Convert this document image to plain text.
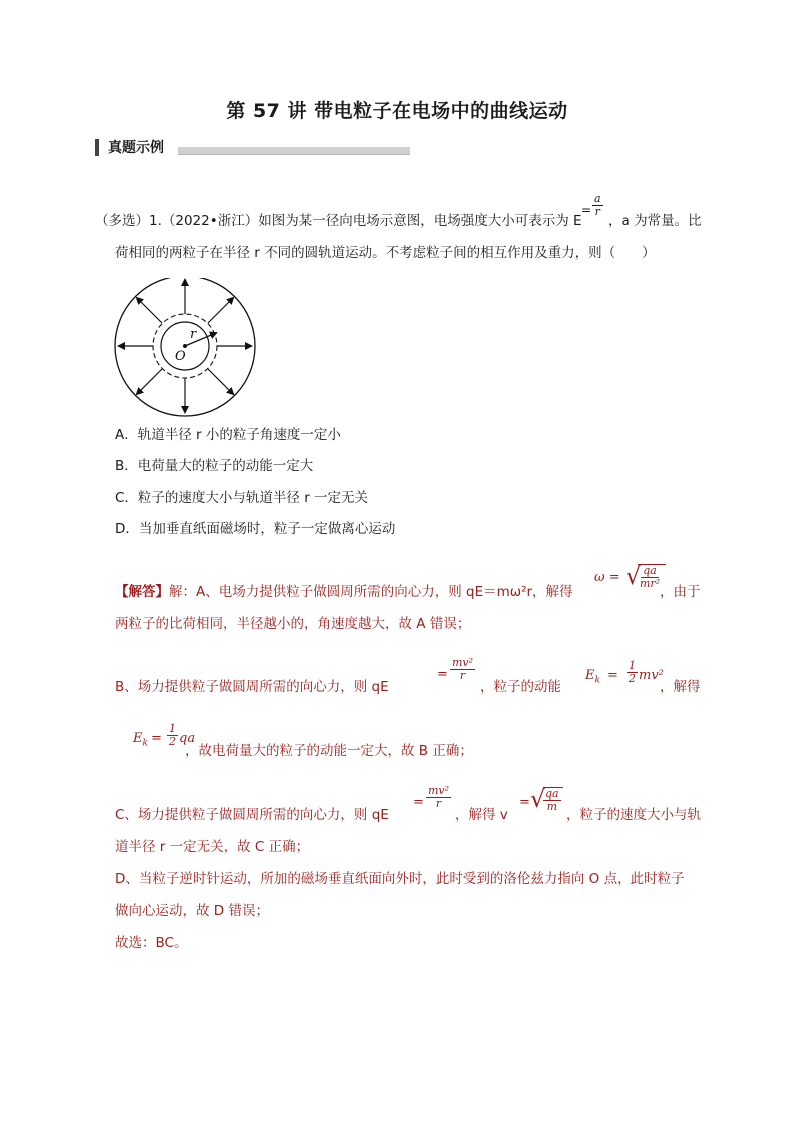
第 57 讲 带电粒子在电场中的曲线运动
真题示例
（多选）1.（2022•浙江）如图为某一径向电场示意图，电场强度大小可表示为 E
= $\frac{a}{r}$
，a 为常量。比
荷相同的两粒子在半径 r 不同的圆轨道运动。不考虑粒子间的相互作用及重力，则（　　）
r
O
A．轨道半径 r 小的粒子角速度一定小
B．电荷量大的粒子的动能一定大
C．粒子的速度大小与轨道半径 r 一定无关
D．当加垂直纸面磁场时，粒子一定做离心运动
【解答】解：A、电场力提供粒子做圆周所需的向心力，则 qE＝mω²r，解得
ω = √
$\frac{qa}{\text{mr²}}$
，由于
两粒子的比荷相同，半径越小的，角速度越大，故 A 错误；
B、场力提供粒子做圆周所需的向心力，则 qE
= $\frac{\text{mv²}}{r}$
，粒子的动能
$E_k = \frac{1}{2} mv^2$
，解得
$E_k = \frac{1}{2}$ qa
，故电荷量大的粒子的动能一定大，故 B 正确；
C、场力提供粒子做圆周所需的向心力，则 qE
= $\frac{\text{mv²}}{r}$
，解得 v
= √
$\frac{qa}{m}$
，粒子的速度大小与轨
道半径 r 一定无关，故 C 正确；
D、当粒子逆时针运动，所加的磁场垂直纸面向外时，此时受到的洛伦兹力指向 O 点，此时粒子
做向心运动，故 D 错误；
故选：BC。
